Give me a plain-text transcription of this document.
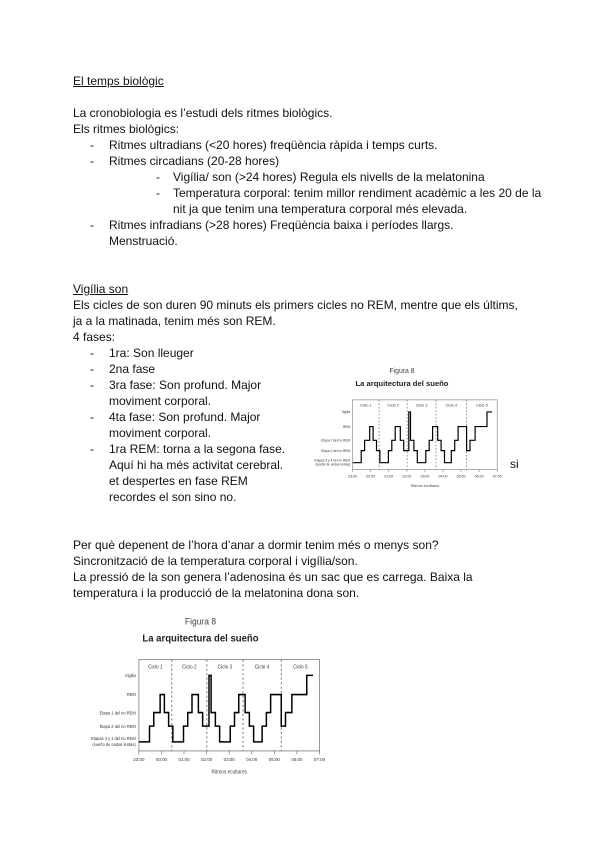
El temps biològic
La cronobiologia es l’estudi dels ritmes biològics.
Els ritmes biològics:
- Ritmes ultradians (<20 hores) freqüència ràpida i temps curts.
- Ritmes circadians (20-28 hores)
- Vigília/ son (>24 hores) Regula els nivells de la melatonina
- Temperatura corporal: tenim millor rendiment acadèmic a les 20 de la
nit ja que tenim una temperatura corporal més elevada.
- Ritmes infradians (>28 hores) Freqüència baixa i períodes llargs.
Menstruació.
Vigília son
Els cicles de son duren 90 minuts els primers cicles no REM, mentre que els últims,
ja a la matinada, tenim més son REM.
4 fases:
- 1ra: Son lleuger
- 2na fase
- 3ra fase: Son profund. Major
moviment corporal.
- 4ta fase: Son profund. Major
moviment corporal.
- 1ra REM: torna a la segona fase.
Aquí hi ha més activitat cerebral.
et despertes en fase REM
recordes el son sino no.
si
Figura 8
La arquitectura del sueño
Ciclo 1	Ciclo 2	Ciclo 3	Ciclo 4	Ciclo 5
Vigilia
REM
Etapa 1 del no REM
Etapa 2 del no REM
Etapas 3 y 4 del no REM
(sueño de ondas lentas)
23:00 00:00 01:00 02:00 03:00 04:00 05:00 06:00 07:00
Ritmos ecultares
Per què depenent de l’hora d’anar a dormir tenim més o menys son?
Sincronització de la temperatura corporal i vigília/son.
La pressió de la son genera l’adenosina és un sac que es carrega. Baixa la
temperatura i la producció de la melatonina dona son.
Figura 8
La arquitectura del sueño
Ciclo 1	Ciclo 2	Ciclo 3	Ciclo 4	Ciclo 5
Vigilia
REM
Etapa 1 del no REM
Etapa 2 del no REM
Etapas 3 y 4 del no REM
(sueño de ondas lentas)
23:00	00:00	01:00	02:00	03:00	04:00	05:00	06:00	07:00
Ritmos ecultares
